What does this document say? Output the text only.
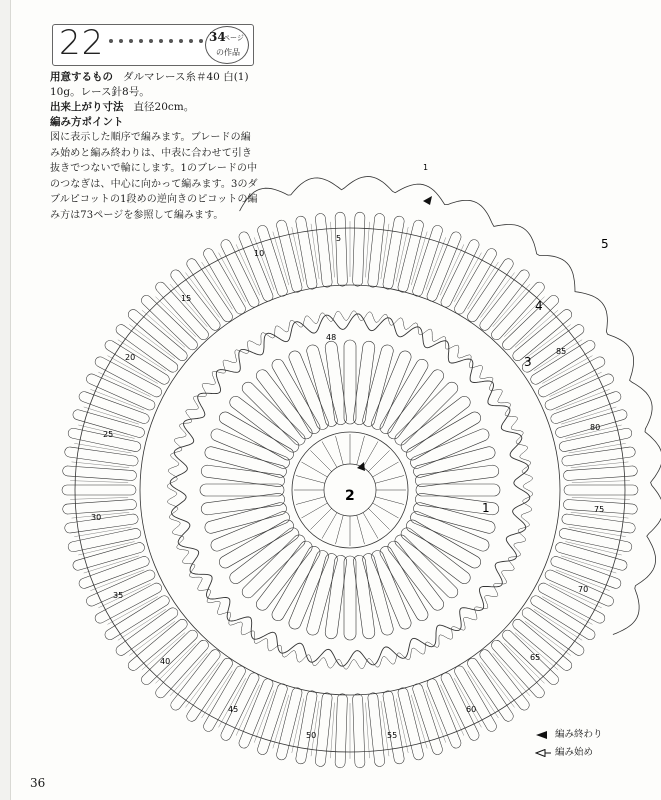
22	34
ページ
の作品

用意するもの ダルマレース糸＃40 白(1)

10g。レース針8号。

出来上がり寸法 直径20cm。

編み方ポイント

図に表示した順序で編みます。ブレードの編

み始めと編み終わりは、中表に合わせて引き

抜きでつないで輪にします。1のブレードの中

のつなぎは、中心に向かって編みます。3のダ

ブルピコットの1段めの逆向きのピコットの編

み方は73ページを参照して編みます。

25
30
35
40
45
50	55
60
65
70
75
80
85
20
15
10
5
1
48
1
2
3
4
5
編み終わり
編み始め
36
